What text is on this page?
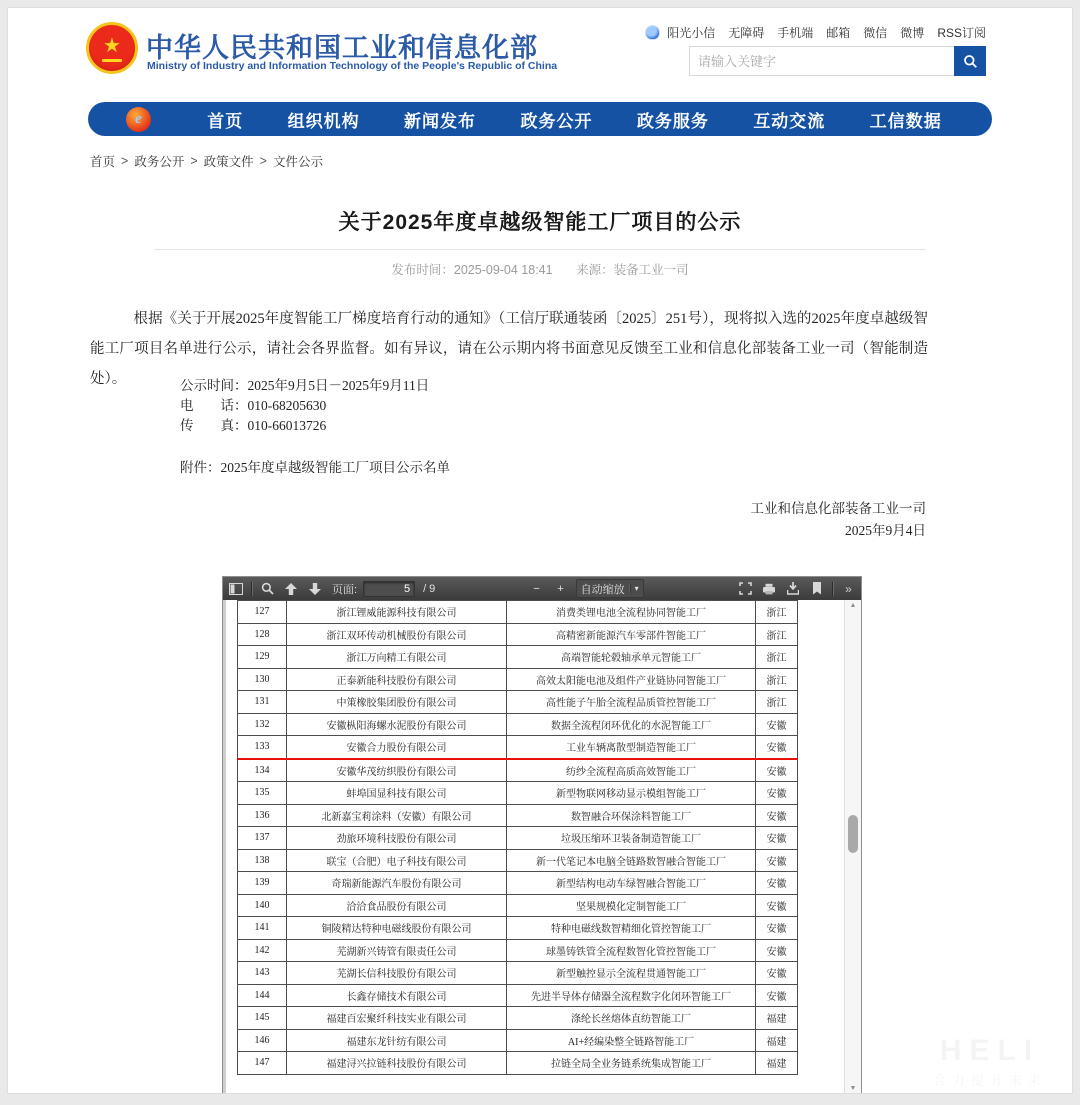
★ 中华人民共和国工业和信息化部
Ministry of Industry and Information Technology of the People's Republic of China
阳光小信 无障碍 手机端 邮箱 微信 微博 RSS订阅
请输入关键字
e	首页	组织机构	新闻发布	政务公开	政务服务	互动交流	工信数据
首页 > 政务公开 > 政策文件 > 文件公示
关于2025年度卓越级智能工厂项目的公示
发布时间：2025-09-04 18:41 来源：装备工业一司
根据《关于开展2025年度智能工厂梯度培育行动的通知》（工信厅联通装函〔2025〕251号），现将拟入选的2025年度卓越级智能工厂项目名单进行公示，请社会各界监督。如有异议，请在公示期内将书面意见反馈至工业和信息化部装备工业一司（智能制造处）。	公示时间：2025年9月5日－2025年9月11日
电　　话：010-68205630
传　　真：010-66013726
附件：2025年度卓越级智能工厂项目公示名单
工业和信息化部装备工业一司
2025年9月4日
页面:
5	/ 9	−	+	自动缩放	▾	»
127	浙江锂威能源科技有限公司	消费类锂电池全流程协同智能工厂	浙江
128	浙江双环传动机械股份有限公司	高精密新能源汽车零部件智能工厂	浙江
129	浙江万向精工有限公司	高端智能轮毂轴承单元智能工厂	浙江
130	正泰新能科技股份有限公司	高效太阳能电池及组件产业链协同智能工厂	浙江
131	中策橡胶集团股份有限公司	高性能子午胎全流程品质管控智能工厂	浙江
132	安徽枞阳海螺水泥股份有限公司	数据全流程闭环优化的水泥智能工厂	安徽
133	安徽合力股份有限公司	工业车辆离散型制造智能工厂	安徽
134	安徽华茂纺织股份有限公司	纺纱全流程高质高效智能工厂	安徽
135	蚌埠国显科技有限公司	新型物联网移动显示模组智能工厂	安徽
136	北新嘉宝莉涂料（安徽）有限公司	数智融合环保涂料智能工厂	安徽
137	劲旅环境科技股份有限公司	垃圾压缩环卫装备制造智能工厂	安徽
138	联宝（合肥）电子科技有限公司	新一代笔记本电脑全链路数智融合智能工厂	安徽
139	奇瑞新能源汽车股份有限公司	新型结构电动车绿智融合智能工厂	安徽
140	洽洽食品股份有限公司	坚果规模化定制智能工厂	安徽
141	铜陵精达特种电磁线股份有限公司	特种电磁线数智精细化管控智能工厂	安徽
142	芜湖新兴铸管有限责任公司	球墨铸铁管全流程数智化管控智能工厂	安徽
143	芜湖长信科技股份有限公司	新型触控显示全流程贯通智能工厂	安徽
144	长鑫存储技术有限公司	先进半导体存储器全流程数字化闭环智能工厂	安徽
145	福建百宏聚纤科技实业有限公司	涤纶长丝熔体直纺智能工厂	福建
146	福建东龙针纺有限公司	AI+经编染整全链路智能工厂	福建
147	福建浔兴拉链科技股份有限公司	拉链全局全业务链系统集成智能工厂	福建
▲
▼
